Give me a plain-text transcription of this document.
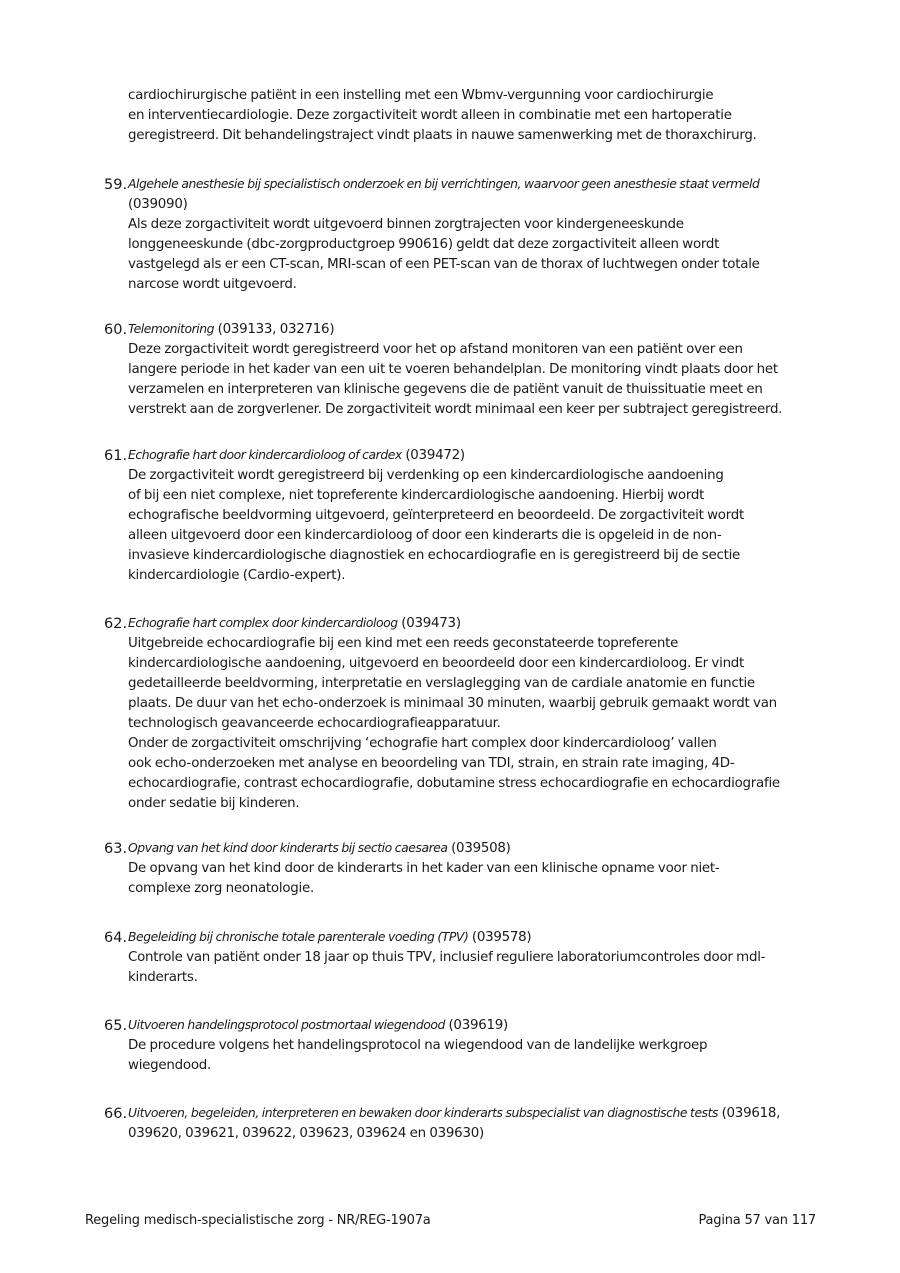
cardiochirurgische patiënt in een instelling met een Wbmv-vergunning voor cardiochirurgie
en interventiecardiologie. Deze zorgactiviteit wordt alleen in combinatie met een hartoperatie
geregistreerd. Dit behandelingstraject vindt plaats in nauwe samenwerking met de thoraxchirurg.
59. Algehele anesthesie bij specialistisch onderzoek en bij verrichtingen, waarvoor geen anesthesie staat vermeld
(039090)
Als deze zorgactiviteit wordt uitgevoerd binnen zorgtrajecten voor kindergeneeskunde
longgeneeskunde (dbc-zorgproductgroep 990616) geldt dat deze zorgactiviteit alleen wordt
vastgelegd als er een CT-scan, MRI-scan of een PET-scan van de thorax of luchtwegen onder totale
narcose wordt uitgevoerd.
60. Telemonitoring (039133, 032716)
Deze zorgactiviteit wordt geregistreerd voor het op afstand monitoren van een patiënt over een
langere periode in het kader van een uit te voeren behandelplan. De monitoring vindt plaats door het
verzamelen en interpreteren van klinische gegevens die de patiënt vanuit de thuissituatie meet en
verstrekt aan de zorgverlener. De zorgactiviteit wordt minimaal een keer per subtraject geregistreerd.
61. Echografie hart door kindercardioloog of cardex (039472)
De zorgactiviteit wordt geregistreerd bij verdenking op een kindercardiologische aandoening
of bij een niet complexe, niet topreferente kindercardiologische aandoening. Hierbij wordt
echografische beeldvorming uitgevoerd, geïnterpreteerd en beoordeeld. De zorgactiviteit wordt
alleen uitgevoerd door een kindercardioloog of door een kinderarts die is opgeleid in de non-
invasieve kindercardiologische diagnostiek en echocardiografie en is geregistreerd bij de sectie
kindercardiologie (Cardio-expert).
62. Echografie hart complex door kindercardioloog (039473)
Uitgebreide echocardiografie bij een kind met een reeds geconstateerde topreferente
kindercardiologische aandoening, uitgevoerd en beoordeeld door een kindercardioloog. Er vindt
gedetailleerde beeldvorming, interpretatie en verslaglegging van de cardiale anatomie en functie
plaats. De duur van het echo-onderzoek is minimaal 30 minuten, waarbij gebruik gemaakt wordt van
technologisch geavanceerde echocardiografieapparatuur.
Onder de zorgactiviteit omschrijving ‘echografie hart complex door kindercardioloog’ vallen
ook echo-onderzoeken met analyse en beoordeling van TDI, strain, en strain rate imaging, 4D-
echocardiografie, contrast echocardiografie, dobutamine stress echocardiografie en echocardiografie
onder sedatie bij kinderen.
63. Opvang van het kind door kinderarts bij sectio caesarea (039508)
De opvang van het kind door de kinderarts in het kader van een klinische opname voor niet-
complexe zorg neonatologie.
64. Begeleiding bij chronische totale parenterale voeding (TPV) (039578)
Controle van patiënt onder 18 jaar op thuis TPV, inclusief reguliere laboratoriumcontroles door mdl-
kinderarts.
65. Uitvoeren handelingsprotocol postmortaal wiegendood (039619)
De procedure volgens het handelingsprotocol na wiegendood van de landelijke werkgroep
wiegendood.
66. Uitvoeren, begeleiden, interpreteren en bewaken door kinderarts subspecialist van diagnostische tests (039618,
039620, 039621, 039622, 039623, 039624 en 039630)
Regeling medisch-specialistische zorg - NR/REG-1907a	Pagina 57 van 117
